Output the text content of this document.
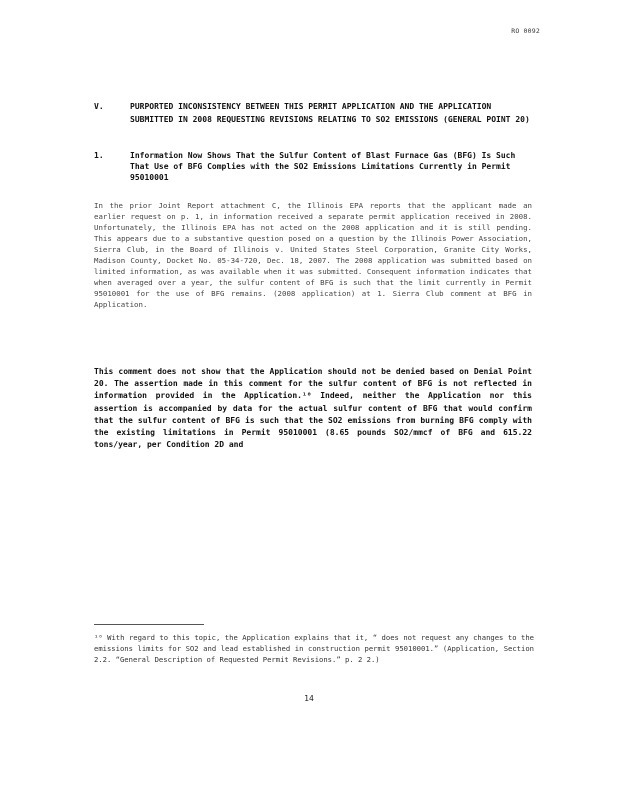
RO 0092
V.	PURPORTED INCONSISTENCY BETWEEN THIS PERMIT APPLICATION AND THE APPLICATION SUBMITTED IN 2008 REQUESTING REVISIONS RELATING TO SO2 EMISSIONS (GENERAL POINT 20)
1.	Information Now Shows That the Sulfur Content of Blast Furnace Gas (BFG) Is Such That Use of BFG Complies with the SO2 Emissions Limitations Currently in Permit 95010001
In the prior Joint Report attachment C, the Illinois EPA reports that the applicant made an earlier request on p. 1, in information received a separate permit application received in 2008. Unfortunately, the Illinois EPA has not acted on the 2008 application and it is still pending. This appears due to a substantive question posed on a question by the Illinois Power Association, Sierra Club, in the Board of Illinois v. United States Steel Corporation, Granite City Works, Madison County, Docket No. 05-34-720, Dec. 18, 2007. The 2008 application was submitted based on limited information, as was available when it was submitted. Consequent information indicates that when averaged over a year, the sulfur content of BFG is such that the limit currently in Permit 95010001 for the use of BFG remains. (2008 application) at 1. Sierra Club comment at BFG in Application.
This comment does not show that the Application should not be denied based on Denial Point 20. The assertion made in this comment for the sulfur content of BFG is not reflected in information provided in the Application.¹⁰ Indeed, neither the Application nor this assertion is accompanied by data for the actual sulfur content of BFG that would confirm that the sulfur content of BFG is such that the SO2 emissions from burning BFG comply with the existing limitations in Permit 95010001 (8.65 pounds SO2/mmcf of BFG and 615.22 tons/year, per Condition 2D and
¹⁰ With regard to this topic, the Application explains that it, “ does not request any changes to the emissions limits for SO2 and lead established in construction permit 95010001.” (Application, Section 2.2. “General Description of Requested Permit Revisions.” p. 2 2.)
14
